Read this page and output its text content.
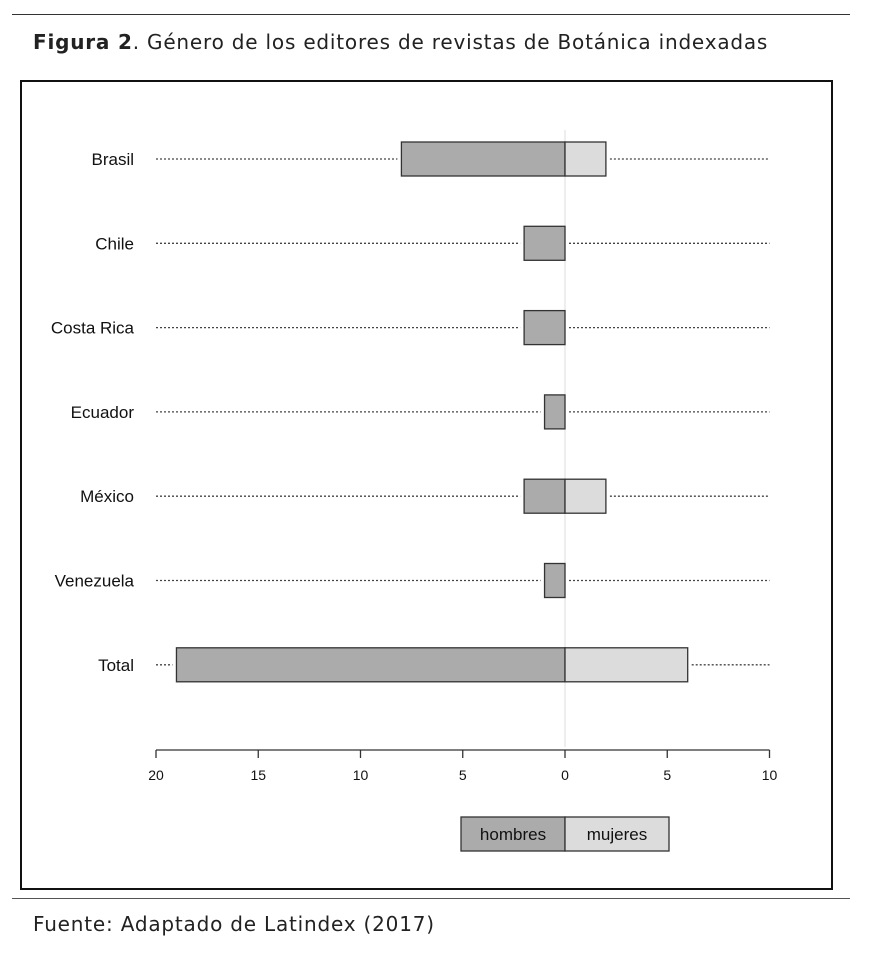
Figura 2. Género de los editores de revistas de Botánica indexadas
Brasil
Chile
Costa Rica
Ecuador
México
Venezuela
Total
20	15	10	5	0	5	10
hombres mujeres
Fuente: Adaptado de Latindex (2017)
